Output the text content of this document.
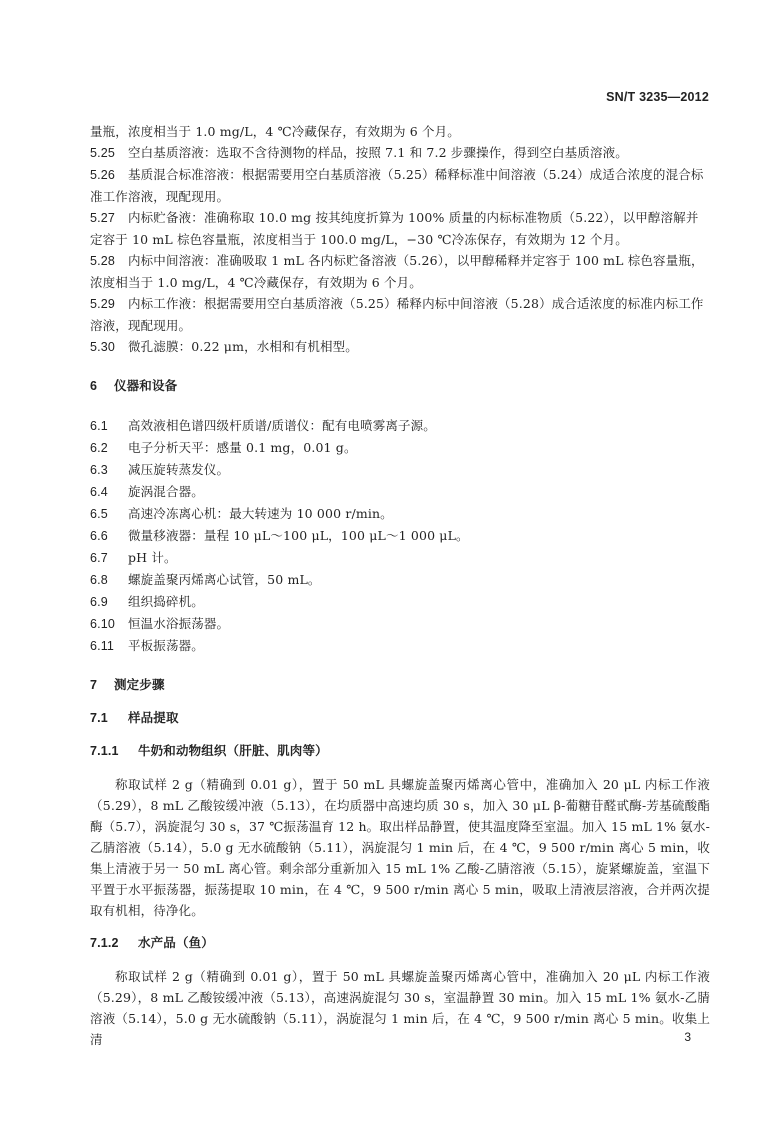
SN/T 3235—2012

量瓶，浓度相当于 1.0 mg/L，4 ℃冷藏保存，有效期为 6 个月。

5.25 空白基质溶液：选取不含待测物的样品，按照 7.1 和 7.2 步骤操作，得到空白基质溶液。

5.26 基质混合标准溶液：根据需要用空白基质溶液（5.25）稀释标准中间溶液（5.24）成适合浓度的混合标准工作溶液，现配现用。

5.27 内标贮备液：准确称取 10.0 mg 按其纯度折算为 100% 质量的内标标准物质（5.22），以甲醇溶解并定容于 10 mL 棕色容量瓶，浓度相当于 100.0 mg/L，−30 ℃冷冻保存，有效期为 12 个月。

5.28 内标中间溶液：准确吸取 1 mL 各内标贮备溶液（5.26），以甲醇稀释并定容于 100 mL 棕色容量瓶，浓度相当于 1.0 mg/L，4 ℃冷藏保存，有效期为 6 个月。

5.29 内标工作液：根据需要用空白基质溶液（5.25）稀释内标中间溶液（5.28）成合适浓度的标准内标工作溶液，现配现用。

5.30 微孔滤膜：0.22 μm，水相和有机相型。

6 仪器和设备

6.1 高效液相色谱四级杆质谱/质谱仪：配有电喷雾离子源。

6.2 电子分析天平：感量 0.1 mg，0.01 g。

6.3 减压旋转蒸发仪。

6.4 旋涡混合器。

6.5 高速冷冻离心机：最大转速为 10 000 r/min。

6.6 微量移液器：量程 10 μL～100 μL，100 μL～1 000 μL。

6.7 pH 计。

6.8 螺旋盖聚丙烯离心试管，50 mL。

6.9 组织捣碎机。

6.10 恒温水浴振荡器。

6.11 平板振荡器。

7 测定步骤

7.1 样品提取

7.1.1 牛奶和动物组织（肝脏、肌肉等）

称取试样 2 g（精确到 0.01 g），置于 50 mL 具螺旋盖聚丙烯离心管中，准确加入 20 μL 内标工作液（5.29），8 mL 乙酸铵缓冲液（5.13），在均质器中高速均质 30 s，加入 30 μL β-葡糖苷醛甙酶-芳基硫酸酯酶（5.7），涡旋混匀 30 s，37 ℃振荡温育 12 h。取出样品静置，使其温度降至室温。加入 15 mL 1% 氨水-乙腈溶液（5.14），5.0 g 无水硫酸钠（5.11），涡旋混匀 1 min 后，在 4 ℃，9 500 r/min 离心 5 min，收集上清液于另一 50 mL 离心管。剩余部分重新加入 15 mL 1% 乙酸-乙腈溶液（5.15），旋紧螺旋盖，室温下平置于水平振荡器，振荡提取 10 min，在 4 ℃，9 500 r/min 离心 5 min，吸取上清液层溶液，合并两次提取有机相，待净化。

7.1.2 水产品（鱼）

称取试样 2 g（精确到 0.01 g），置于 50 mL 具螺旋盖聚丙烯离心管中，准确加入 20 μL 内标工作液（5.29），8 mL 乙酸铵缓冲液（5.13），高速涡旋混匀 30 s，室温静置 30 min。加入 15 mL 1% 氨水-乙腈溶液（5.14），5.0 g 无水硫酸钠（5.11），涡旋混匀 1 min 后，在 4 ℃，9 500 r/min 离心 5 min。收集上清	3
